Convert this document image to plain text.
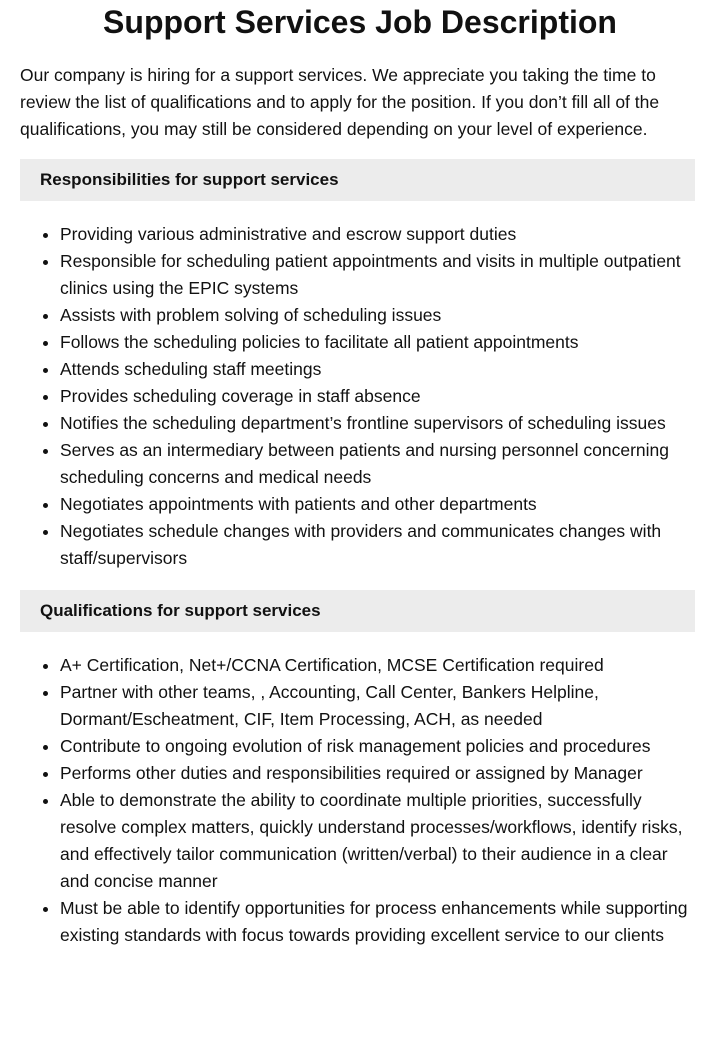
Support Services Job Description

Our company is hiring for a support services. We appreciate you taking the time to review the list of qualifications and to apply for the position. If you don’t fill all of the qualifications, you may still be considered depending on your level of experience.

Responsibilities for support services
• Providing various administrative and escrow support duties
• Responsible for scheduling patient appointments and visits in multiple outpatient clinics using the EPIC systems
• Assists with problem solving of scheduling issues
• Follows the scheduling policies to facilitate all patient appointments
• Attends scheduling staff meetings
• Provides scheduling coverage in staff absence
• Notifies the scheduling department’s frontline supervisors of scheduling issues
• Serves as an intermediary between patients and nursing personnel concerning scheduling concerns and medical needs
• Negotiates appointments with patients and other departments
• Negotiates schedule changes with providers and communicates changes with staff/supervisors
Qualifications for support services
• A+ Certification, Net+/CCNA Certification, MCSE Certification required
• Partner with other teams, , Accounting, Call Center, Bankers Helpline, Dormant/Escheatment, CIF, Item Processing, ACH, as needed
• Contribute to ongoing evolution of risk management policies and procedures
• Performs other duties and responsibilities required or assigned by Manager
• Able to demonstrate the ability to coordinate multiple priorities, successfully resolve complex matters, quickly understand processes/workflows, identify risks, and effectively tailor communication (written/verbal) to their audience in a clear and concise manner
• Must be able to identify opportunities for process enhancements while supporting existing standards with focus towards providing excellent service to our clients
